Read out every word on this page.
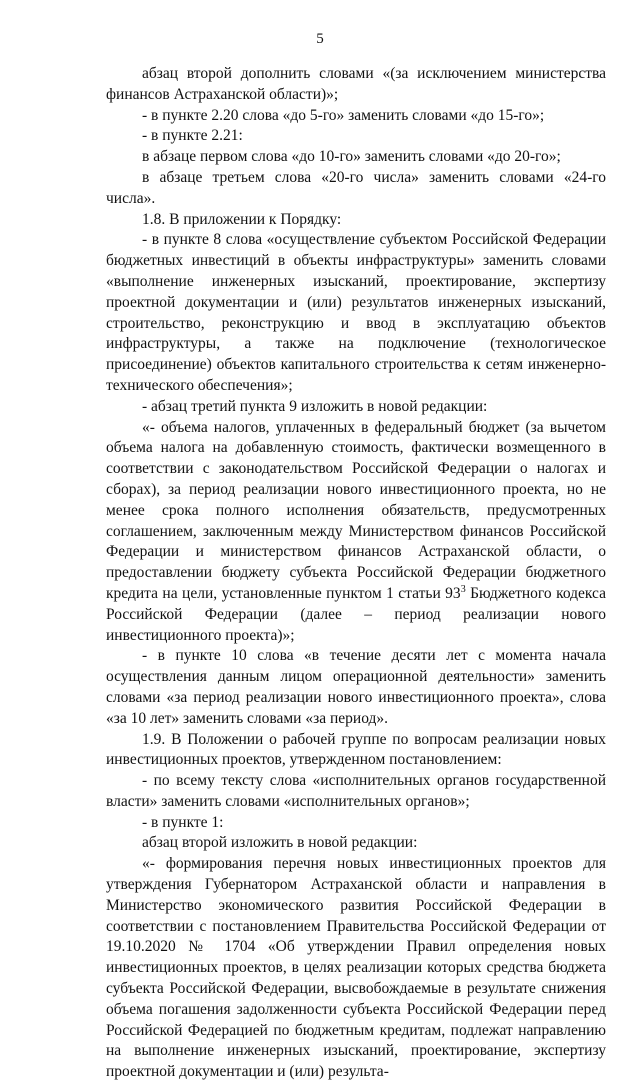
5

абзац второй дополнить словами «(за исключением министерства финансов Астраханской области)»;

- в пункте 2.20 слова «до 5-го» заменить словами «до 15-го»;

- в пункте 2.21:

в абзаце первом слова «до 10-го» заменить словами «до 20-го»;

в абзаце третьем слова «20-го числа» заменить словами «24-го числа».

1.8. В приложении к Порядку:

- в пункте 8 слова «осуществление субъектом Российской Федерации бюджетных инвестиций в объекты инфраструктуры» заменить словами «выполнение инженерных изысканий, проектирование, экспертизу проектной документации и (или) результатов инженерных изысканий, строительство, реконструкцию и ввод в эксплуатацию объектов инфраструктуры, а также на подключение (технологическое присоединение) объектов капитального строительства к сетям инженерно-технического обеспечения»;

- абзац третий пункта 9 изложить в новой редакции:

«- объема налогов, уплаченных в федеральный бюджет (за вычетом объема налога на добавленную стоимость, фактически возмещенного в соответствии с законодательством Российской Федерации о налогах и сборах), за период реализации нового инвестиционного проекта, но не менее срока полного исполнения обязательств, предусмотренных соглашением, заключенным между Министерством финансов Российской Федерации и министерством финансов Астраханской области, о предоставлении бюджету субъекта Российской Федерации бюджетного кредита на цели, установленные пунктом 1 статьи $93^3$ Бюджетного кодекса Российской Федерации (далее – период реализации нового инвестиционного проекта)»;

- в пункте 10 слова «в течение десяти лет с момента начала осуществления данным лицом операционной деятельности» заменить словами «за период реализации нового инвестиционного проекта», слова «за 10 лет» заменить словами «за период».

1.9. В Положении о рабочей группе по вопросам реализации новых инвестиционных проектов, утвержденном постановлением:

- по всему тексту слова «исполнительных органов государственной власти» заменить словами «исполнительных органов»;

- в пункте 1:

абзац второй изложить в новой редакции:

«- формирования перечня новых инвестиционных проектов для утверждения Губернатором Астраханской области и направления в Министерство экономического развития Российской Федерации в соответствии с постановлением Правительства Российской Федерации от 19.10.2020 № 1704 «Об утверждении Правил определения новых инвестиционных проектов, в целях реализации которых средства бюджета субъекта Российской Федерации, высвобождаемые в результате снижения объема погашения задолженности субъекта Российской Федерации перед Российской Федерацией по бюджетным кредитам, подлежат направлению на выполнение инженерных изысканий, проектирование, экспертизу проектной документации и (или) результа-
